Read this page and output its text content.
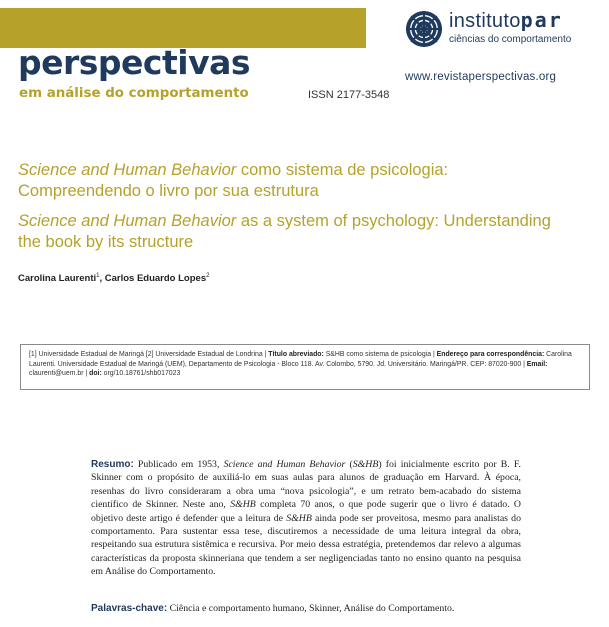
perspectivas
em análise do comportamento	ISSN 2177-3548
institutopar
ciências do comportamento
www.revistaperspectivas.org
Science and Human Behavior como sistema de psicologia:
Compreendendo o livro por sua estrutura
Science and Human Behavior as a system of psychology: Understanding
the book by its structure
Carolina Laurenti$^1$, Carlos Eduardo Lopes$^2$
[1] Universidade Estadual de Maringá [2] Universidade Estadual de Londrina | Título abreviado: S&HB como sistema de psicologia | Endereço para correspondência: Carolina Laurenti. Universidade Estadual de Maringá (UEM), Departamento de Psicologia - Bloco 118. Av. Colombo, 5790. Jd. Universitário. Maringá/PR. CEP: 87020-900 | Email: claurenti@uem.br | doi: org/10.18761/shb017023

Resumo: Publicado em 1953, Science and Human Behavior (S&HB) foi inicialmente escrito por B. F. Skinner com o propósito de auxiliá-lo em suas aulas para alunos de graduação em Harvard. À época, resenhas do livro consideraram a obra uma “nova psicologia”, e um retrato bem-acabado do sistema científico de Skinner. Neste ano, S&HB completa 70 anos, o que pode sugerir que o livro é datado. O objetivo deste artigo é defender que a leitura de S&HB ainda pode ser proveitosa, mesmo para analistas do comportamento. Para sustentar essa tese, discutiremos a necessidade de uma leitura integral da obra, respeitando sua estrutura sistêmica e recursiva. Por meio dessa estratégia, pretendemos dar relevo a algumas características da proposta skinneriana que tendem a ser negligenciadas tanto no ensino quanto na pesquisa em Análise do Comportamento.

Palavras-chave: Ciência e comportamento humano, Skinner, Análise do Comportamento.
